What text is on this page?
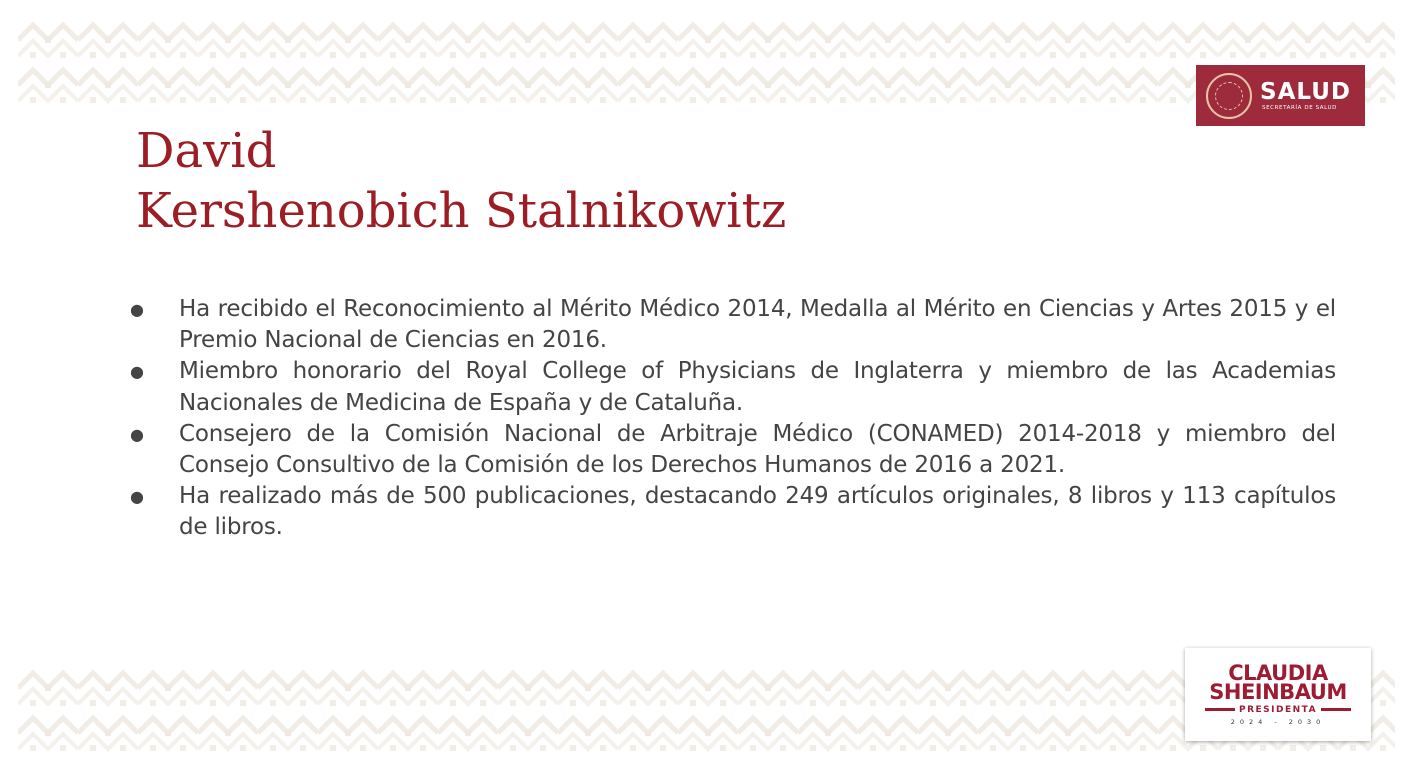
SALUD
SECRETARÍA DE SALUD
David
Kershenobich Stalnikowitz
● Ha recibido el Reconocimiento al Mérito Médico 2014, Medalla al Mérito en Ciencias y Artes 2015 y el Premio Nacional de Ciencias en 2016.
● Miembro honorario del Royal College of Physicians de Inglaterra y miembro de las Academias Nacionales de Medicina de España y de Cataluña.
● Consejero de la Comisión Nacional de Arbitraje Médico (CONAMED) 2014-2018 y miembro del Consejo Consultivo de la Comisión de los Derechos Humanos de 2016 a 2021.
● Ha realizado más de 500 publicaciones, destacando 249 artículos originales, 8 libros y 113 capítulos de libros.
CLAUDIA
SHEINBAUM
PRESIDENTA
2024 - 2030
